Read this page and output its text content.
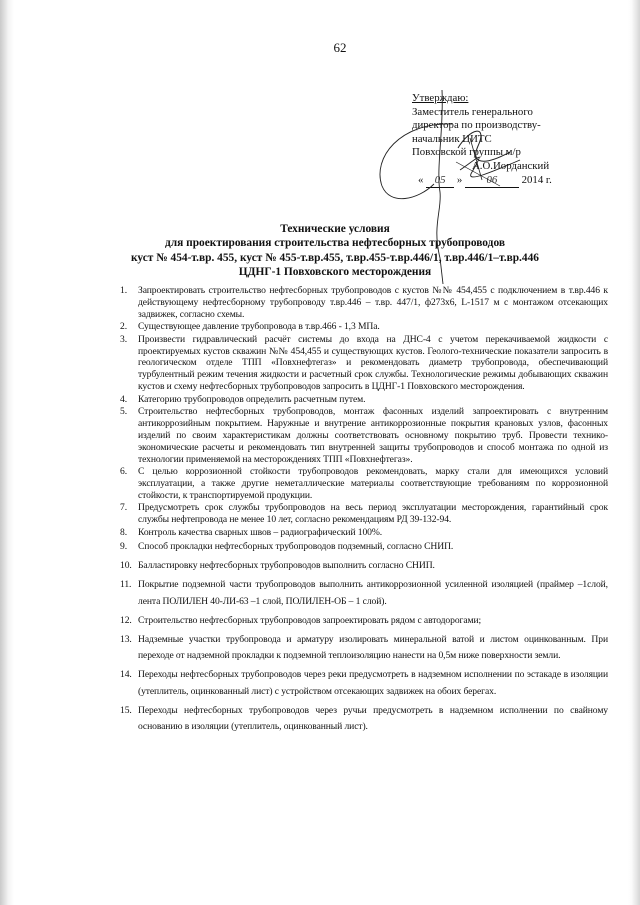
62
Утверждаю:
Заместитель генерального
директора по производству-
начальник ЦИТС
Повховской группы м/р
А.О.Иорданский
« 05 » 06 2014 г.
Технические условия
для проектирования строительства нефтесборных трубопроводов
куст № 454-т.вр. 455, куст № 455-т.вр.455, т.вр.455-т.вр.446/1, т.вр.446/1–т.вр.446
ЦДНГ-1 Повховского месторождения
1.	Запроектировать строительство нефтесборных трубопроводов с кустов №№ 454,455 с подключением в т.вр.446 к действующему нефтесборному трубопроводу т.вр.446 – т.вр. 447/1, ф273х6, L-1517 м с монтажом отсекающих задвижек, согласно схемы.
2.	Существующее давление трубопровода в т.вр.466 - 1,3 МПа.
3.	Произвести гидравлический расчёт системы до входа на ДНС-4 с учетом перекачиваемой жидкости с проектируемых кустов скважин №№ 454,455 и существующих кустов. Геолого-технические показатели запросить в геологическом отделе ТПП «Повхнефтегаз» и рекомендовать диаметр трубопровода, обеспечивающий турбулентный режим течения жидкости и расчетный срок службы. Технологические режимы добывающих скважин кустов и схему нефтесборных трубопроводов запросить в ЦДНГ-1 Повховского месторождения.
4.	Категорию трубопроводов определить расчетным путем.
5.	Строительство нефтесборных трубопроводов, монтаж фасонных изделий запроектировать с внутренним антикоррозийным покрытием. Наружные и внутрение антикоррозионные покрытия крановых узлов, фасонных изделий по своим характеристикам должны соответствовать основному покрытию труб. Провести технико-экономические расчеты и рекомендовать тип внутренней защиты трубопроводов и способ монтажа по одной из технологии применяемой на месторождениях ТПП «Повхнефтегаз».
6.	С целью коррозионной стойкости трубопроводов рекомендовать, марку стали для имеющихся условий эксплуатации, а также другие неметаллические материалы соответствующие требованиям по коррозионной стойкости, к транспортируемой продукции.
7.	Предусмотреть срок службы трубопроводов на весь период эксплуатации месторождения, гарантийный срок службы нефтепровода не менее 10 лет, согласно рекомендациям РД 39-132-94.
8.	Контроль качества сварных швов – радиографический 100%.
9.	Способ прокладки нефтесборных трубопроводов подземный, согласно СНИП.
10. Балластировку нефтесборных трубопроводов выполнить согласно СНИП.
11. Покрытие подземной части трубопроводов выполнить антикоррозионной усиленной изоляцией (праймер –1слой, лента ПОЛИЛЕН 40-ЛИ-63 –1 слой, ПОЛИЛЕН-ОБ – 1 слой).
12. Строительство нефтесборных трубопроводов запроектировать рядом с автодорогами;
13. Надземные участки трубопровода и арматуру изолировать минеральной ватой и листом оцинкованным. При переходе от надземной прокладки к подземной теплоизоляцию нанести на 0,5м ниже поверхности земли.
14. Переходы нефтесборных трубопроводов через реки предусмотреть в надземном исполнении по эстакаде в изоляции (утеплитель, оцинкованный лист) с устройством отсекающих задвижек на обоих берегах.
15. Переходы нефтесборных трубопроводов через ручьи предусмотреть в надземном исполнении по свайному основанию в изоляции (утеплитель, оцинкованный лист).
